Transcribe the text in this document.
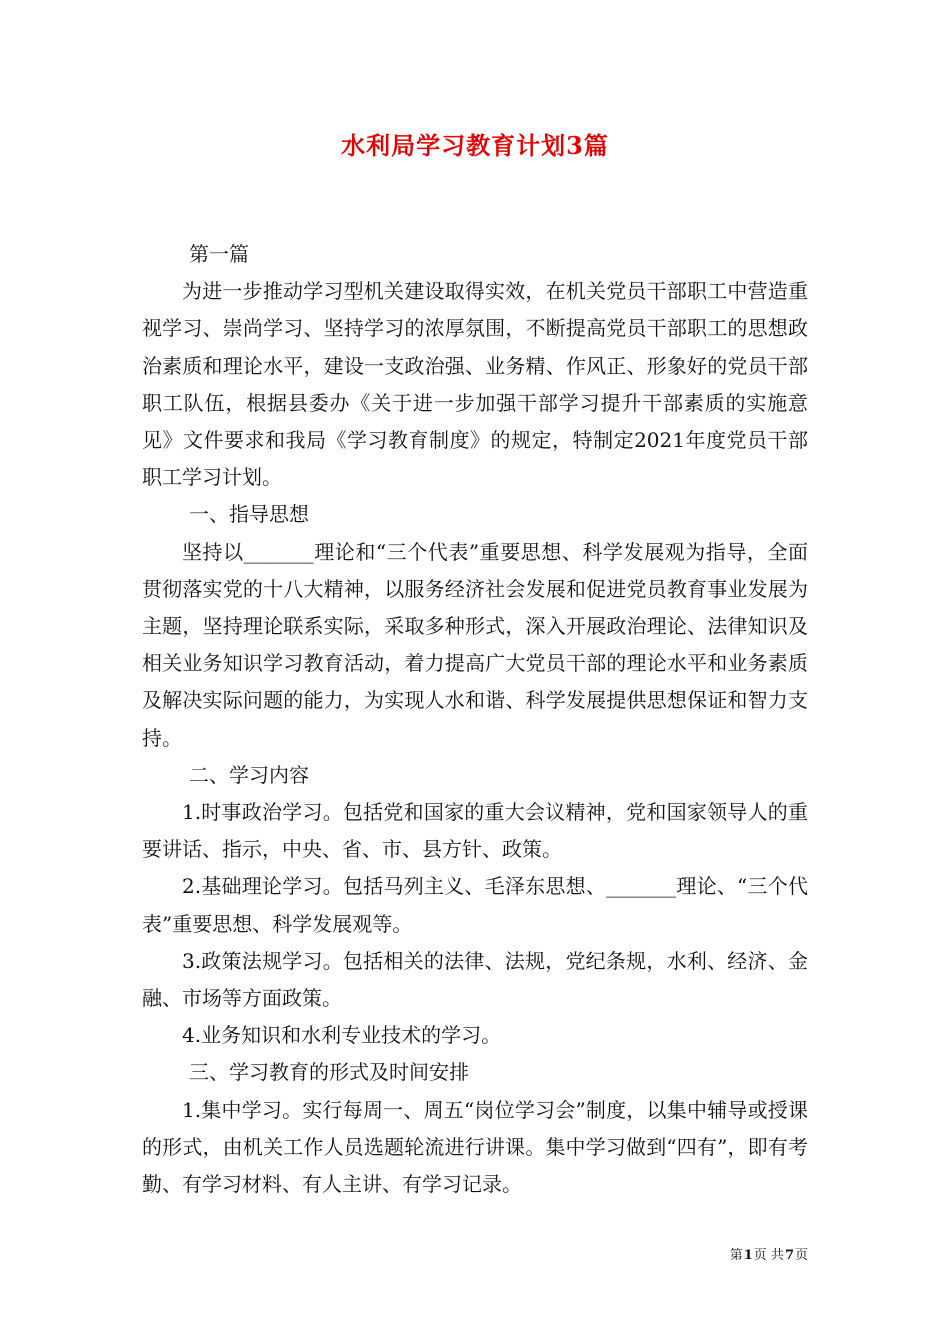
水利局学习教育计划3篇

第一篇

为进一步推动学习型机关建设取得实效，在机关党员干部职工中营造重视学习、崇尚学习、坚持学习的浓厚氛围，不断提高党员干部职工的思想政治素质和理论水平，建设一支政治强、业务精、作风正、形象好的党员干部职工队伍，根据县委办《关于进一步加强干部学习提升干部素质的实施意见》文件要求和我局《学习教育制度》的规定，特制定2021年度党员干部职工学习计划。

一、指导思想

坚持以_______理论和“三个代表”重要思想、科学发展观为指导，全面贯彻落实党的十八大精神，以服务经济社会发展和促进党员教育事业发展为主题，坚持理论联系实际，采取多种形式，深入开展政治理论、法律知识及相关业务知识学习教育活动，着力提高广大党员干部的理论水平和业务素质及解决实际问题的能力，为实现人水和谐、科学发展提供思想保证和智力支持。

二、学习内容

1.时事政治学习。包括党和国家的重大会议精神，党和国家领导人的重要讲话、指示，中央、省、市、县方针、政策。

2.基础理论学习。包括马列主义、毛泽东思想、_______理论、“三个代表”重要思想、科学发展观等。

3.政策法规学习。包括相关的法律、法规，党纪条规，水利、经济、金融、市场等方面政策。

4.业务知识和水利专业技术的学习。

三、学习教育的形式及时间安排

1.集中学习。实行每周一、周五“岗位学习会”制度，以集中辅导或授课的形式，由机关工作人员选题轮流进行讲课。集中学习做到“四有”，即有考勤、有学习材料、有人主讲、有学习记录。

第1页 共7页
